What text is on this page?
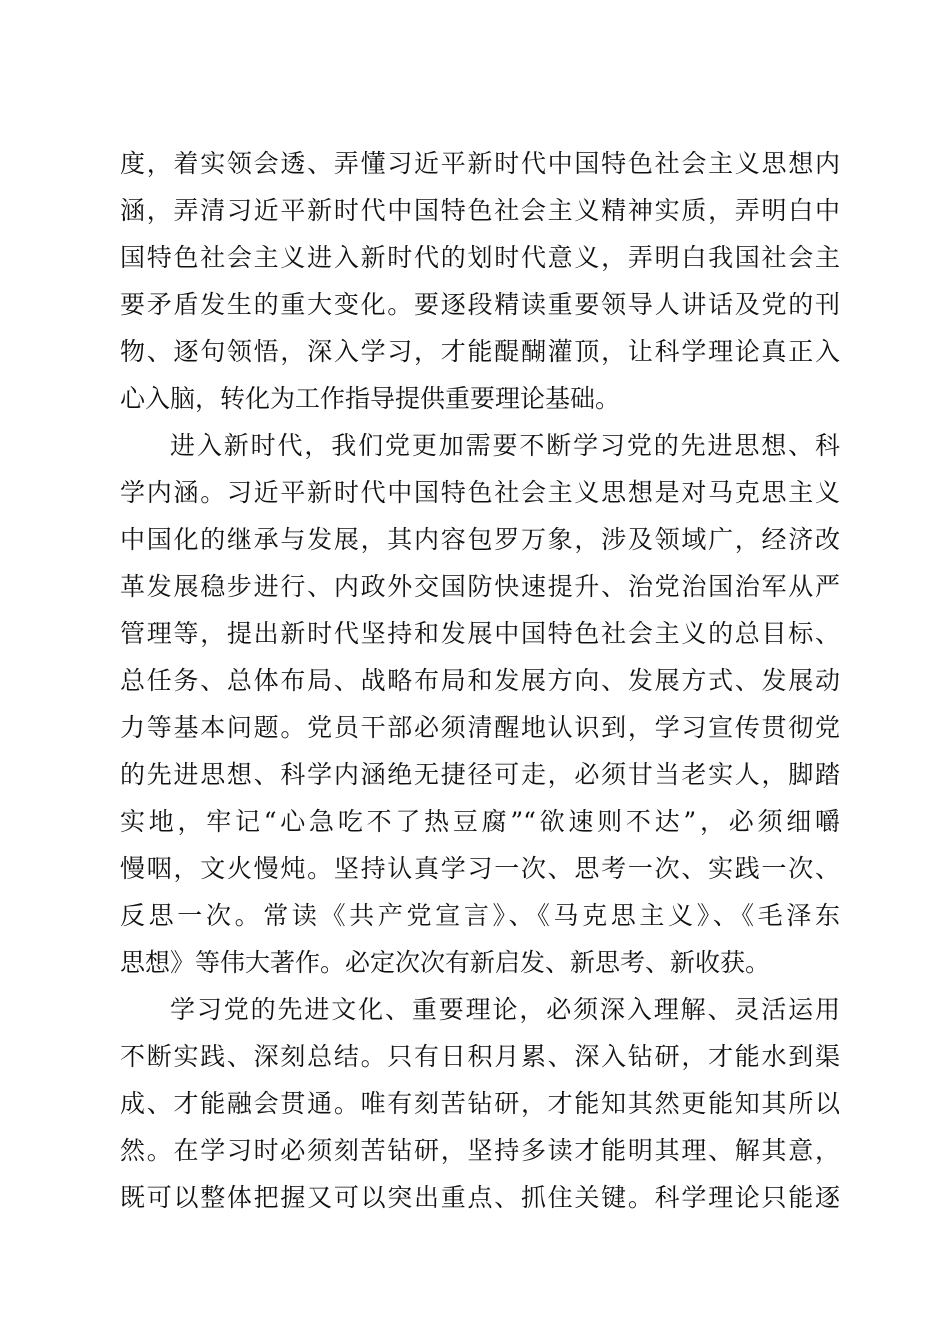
度，着实领会透、弄懂习近平新时代中国特色社会主义思想内
涵，弄清习近平新时代中国特色社会主义精神实质，弄明白中
国特色社会主义进入新时代的划时代意义，弄明白我国社会主
要矛盾发生的重大变化。要逐段精读重要领导人讲话及党的刊
物、逐句领悟，深入学习，才能醍醐灌顶，让科学理论真正入
心入脑，转化为工作指导提供重要理论基础。
进入新时代，我们党更加需要不断学习党的先进思想、科
学内涵。习近平新时代中国特色社会主义思想是对马克思主义
中国化的继承与发展，其内容包罗万象，涉及领域广，经济改
革发展稳步进行、内政外交国防快速提升、治党治国治军从严
管理等，提出新时代坚持和发展中国特色社会主义的总目标、
总任务、总体布局、战略布局和发展方向、发展方式、发展动
力等基本问题。党员干部必须清醒地认识到，学习宣传贯彻党
的先进思想、科学内涵绝无捷径可走，必须甘当老实人，脚踏
实地，牢记“心急吃不了热豆腐”“欲速则不达”，必须细嚼
慢咽，文火慢炖。坚持认真学习一次、思考一次、实践一次、
反思一次。常读《共产党宣言》、《马克思主义》、《毛泽东
思想》等伟大著作。必定次次有新启发、新思考、新收获。
学习党的先进文化、重要理论，必须深入理解、灵活运用
不断实践、深刻总结。只有日积月累、深入钻研，才能水到渠
成、才能融会贯通。唯有刻苦钻研，才能知其然更能知其所以
然。在学习时必须刻苦钻研，坚持多读才能明其理、解其意，
既可以整体把握又可以突出重点、抓住关键。科学理论只能逐
